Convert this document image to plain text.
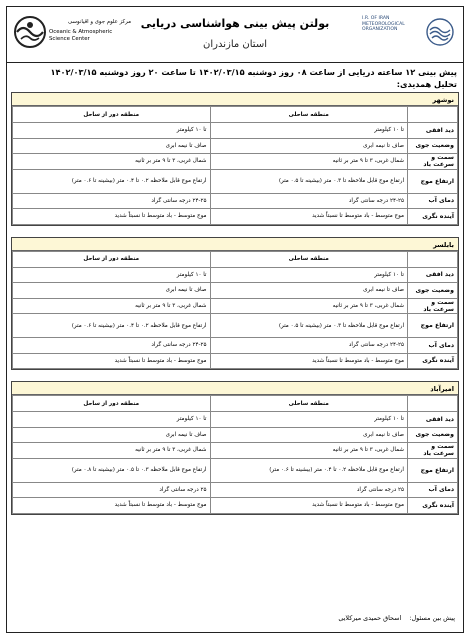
I.R. OF IRAN
METEOROLOGICAL
ORGANIZATION
بولتن پیش بینی هواشناسی دریایی
استان مازندران
مرکز علوم جوی و اقیانوسی
Oceanic & Atmospheric
Science Center
پیش بینی ۱۲ ساعته دریایی از ساعت ۰۸ روز دوشنبه ۱۴۰۲/۰۳/۱۵ تا ساعت ۲۰ روز دوشنبه ۱۴۰۲/۰۳/۱۵
تحلیل همدیدی:
نوشهر
	منطقه ساحلی	منطقه دور از ساحل
دید افقی	تا ۱۰ کیلومتر	تا ۱۰ کیلومتر
وضعیت جوی	صاف تا نیمه ابری	صاف تا نیمه ابری
سمت و سرعت باد	شمال غربی، ۳ تا ۹ متر بر ثانیه	شمال غربی، ۳ تا ۹ متر بر ثانیه
ارتفاع موج	ارتفاع موج قابل ملاحظه تا ۰.۳ متر (بیشینه تا ۰.۵ متر)	ارتفاع موج قابل ملاحظه ۰.۲ تا ۰.۴ متر (بیشینه تا ۰.۶ متر)
دمای آب	۲۴-۲۵ درجه سانتی گراد	۲۴-۲۵ درجه سانتی گراد
آینده نگری	موج متوسط - باد متوسط تا نسبتاً شدید	موج متوسط - باد متوسط تا نسبتاً شدید
بابلسر
	منطقه ساحلی	منطقه دور از ساحل
دید افقی	تا ۱۰ کیلومتر	تا ۱۰ کیلومتر
وضعیت جوی	صاف تا نیمه ابری	صاف تا نیمه ابری
سمت و سرعت باد	شمال غربی، ۳ تا ۹ متر بر ثانیه	شمال غربی، ۳ تا ۹ متر بر ثانیه
ارتفاع موج	ارتفاع موج قابل ملاحظه تا ۰.۳ متر (بیشینه تا ۰.۵ متر)	ارتفاع موج قابل ملاحظه ۰.۲ تا ۰.۴ متر (بیشینه تا ۰.۶ متر)
دمای آب	۲۴-۲۵ درجه سانتی گراد	۲۴-۲۵ درجه سانتی گراد
آینده نگری	موج متوسط - باد متوسط تا نسبتاً شدید	موج متوسط - باد متوسط تا نسبتاً شدید
امیرآباد
	منطقه ساحلی	منطقه دور از ساحل
دید افقی	تا ۱۰ کیلومتر	تا ۱۰ کیلومتر
وضعیت جوی	صاف تا نیمه ابری	صاف تا نیمه ابری
سمت و سرعت باد	شمال غربی، ۳ تا ۹ متر بر ثانیه	شمال غربی، ۳ تا ۹ متر بر ثانیه
ارتفاع موج	ارتفاع موج قابل ملاحظه ۰.۲ تا ۰.۴ متر (بیشینه تا ۰.۶ متر)	ارتفاع موج قابل ملاحظه ۰.۳ تا ۰.۵ متر (بیشینه تا ۰.۸ متر)
دمای آب	۲۵ درجه سانتی گراد	۲۵ درجه سانتی گراد
آینده نگری	موج متوسط - باد متوسط تا نسبتاً شدید	موج متوسط - باد متوسط تا نسبتاً شدید
پیش بین مسئول: اسحاق حمیدی میرکلایی
